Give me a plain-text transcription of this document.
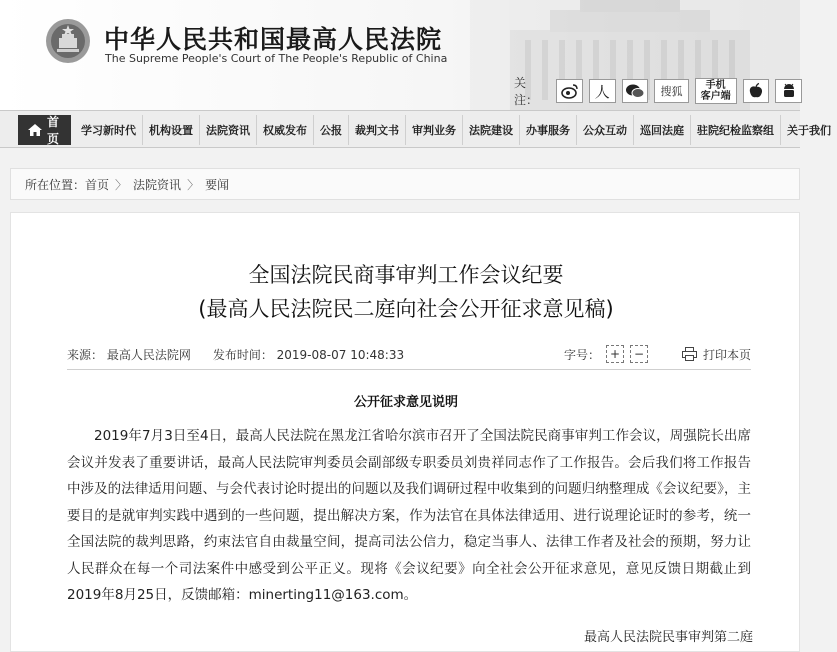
中华人民共和国最高人民法院
The Supreme People's Court of The People's Republic of China
关注：	人	搜狐	手机
客户端
首页
学习新时代	机构设置	法院资讯	权威发布	公报	裁判文书	审判业务	法院建设	办事服务	公众互动	巡回法庭	驻院纪检监察组	关于我们
所在位置： 首页 〉 法院资讯 〉 要闻
全国法院民商事审判工作会议纪要
(最高人民法院民二庭向社会公开征求意见稿)
来源： 最高人民法院网 发布时间： 2019-08-07 10:48:33	字号： +	−	打印本页
公开征求意见说明

2019年7月3日至4日，最高人民法院在黑龙江省哈尔滨市召开了全国法院民商事审判工作会议，周强院长出席会议并发表了重要讲话，最高人民法院审判委员会副部级专职委员刘贵祥同志作了工作报告。会后我们将工作报告中涉及的法律适用问题、与会代表讨论时提出的问题以及我们调研过程中收集到的问题归纳整理成《会议纪要》，主要目的是就审判实践中遇到的一些问题，提出解决方案，作为法官在具体法律适用、进行说理论证时的参考，统一全国法院的裁判思路，约束法官自由裁量空间，提高司法公信力，稳定当事人、法律工作者及社会的预期，努力让人民群众在每一个司法案件中感受到公平正义。现将《会议纪要》向全社会公开征求意见，意见反馈日期截止到2019年8月25日，反馈邮箱：minerting11@163.com。

最高人民法院民事审判第二庭
